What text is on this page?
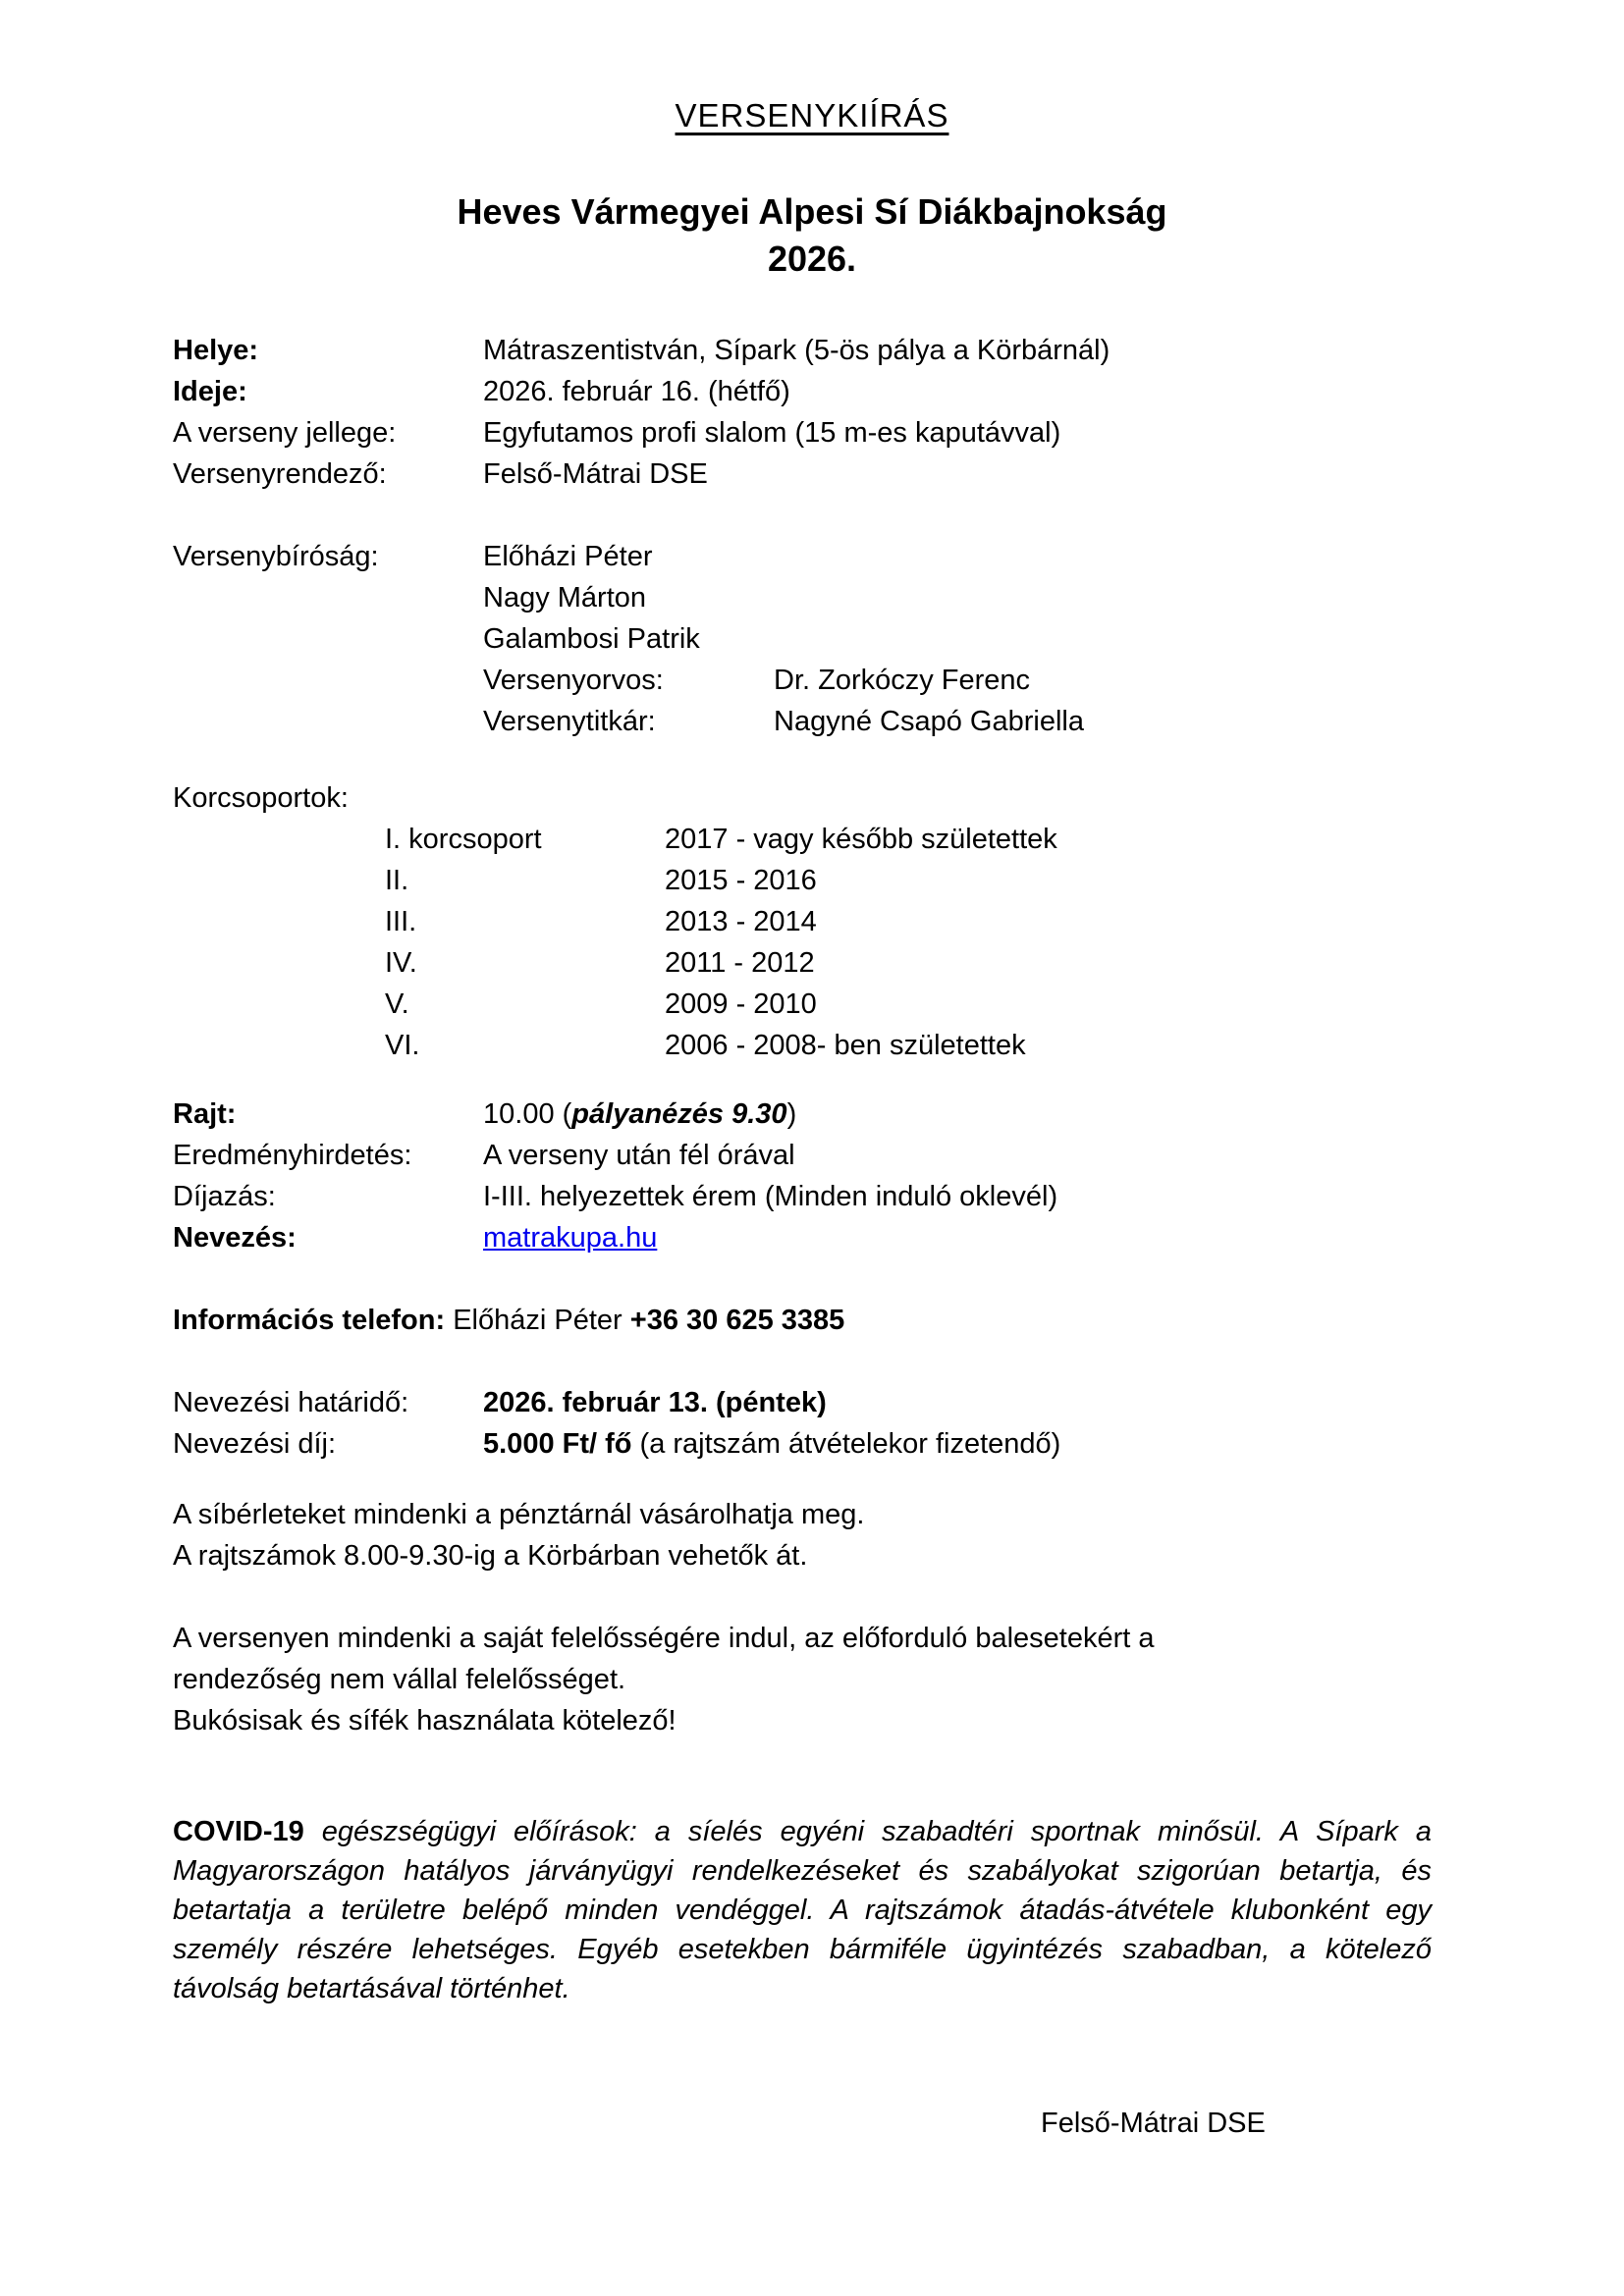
VERSENYKIÍRÁS
Heves Vármegyei Alpesi Sí Diákbajnokság
2026.
Helye:	Mátraszentistván, Sípark (5-ös pálya a Körbárnál)
Ideje:	2026. február 16. (hétfő)
A verseny jellege:	Egyfutamos profi slalom (15 m-es kaputávval)
Versenyrendező:	Felső-Mátrai DSE
Versenybíróság:	Előházi Péter
Nagy Márton
Galambosi Patrik
Versenyorvos:	Dr. Zorkóczy Ferenc
Versenytitkár:	Nagyné Csapó Gabriella
Korcsoportok:
I. korcsoport	2017 - vagy később születettek
II.	2015 - 2016
III.	2013 - 2014
IV.	2011 - 2012
V.	2009 - 2010
VI.	2006 - 2008- ben születettek
Rajt:	10.00 (pályanézés 9.30)
Eredményhirdetés:	A verseny után fél órával
Díjazás:	I-III. helyezettek érem (Minden induló oklevél)
Nevezés:	matrakupa.hu
Információs telefon: Előházi Péter +36 30 625 3385
Nevezési határidő:	2026. február 13. (péntek)
Nevezési díj:	5.000 Ft/ fő (a rajtszám átvételekor fizetendő)
A síbérleteket mindenki a pénztárnál vásárolhatja meg.
A rajtszámok 8.00-9.30-ig a Körbárban vehetők át.
A versenyen mindenki a saját felelősségére indul, az előforduló balesetekért a
rendezőség nem vállal felelősséget.
Bukósisak és sífék használata kötelező!

COVID-19 egészségügyi előírások: a síelés egyéni szabadtéri sportnak minősül. A Sípark a Magyarországon hatályos járványügyi rendelkezéseket és szabályokat szigorúan betartja, és betartatja a területre belépő minden vendéggel. A rajtszámok átadás-átvétele klubonként egy személy részére lehetséges. Egyéb esetekben bármiféle ügyintézés szabadban, a kötelező távolság betartásával történhet.

Felső-Mátrai DSE
